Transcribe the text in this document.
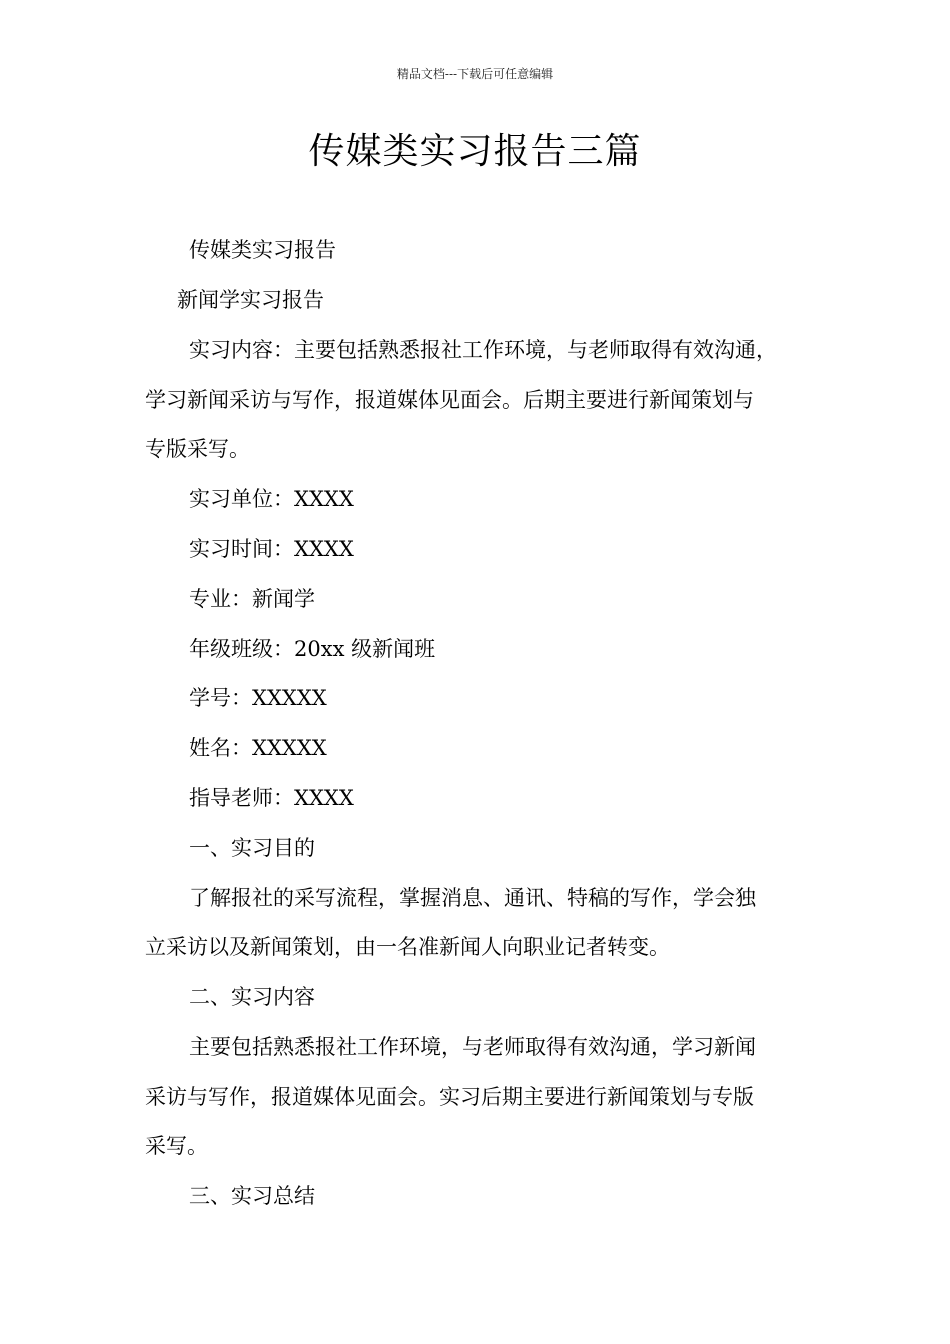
精品文档---下载后可任意编辑
传媒类实习报告三篇
传媒类实习报告
新闻学实习报告
实习内容：主要包括熟悉报社工作环境，与老师取得有效沟通，
学习新闻采访与写作，报道媒体见面会。后期主要进行新闻策划与
专版采写。
实习单位：XXXX
实习时间：XXXX
专业：新闻学
年级班级：20xx 级新闻班
学号：XXXXX
姓名：XXXXX
指导老师：XXXX
一、实习目的
了解报社的采写流程，掌握消息、通讯、特稿的写作，学会独
立采访以及新闻策划，由一名准新闻人向职业记者转变。
二、实习内容
主要包括熟悉报社工作环境，与老师取得有效沟通，学习新闻
采访与写作，报道媒体见面会。实习后期主要进行新闻策划与专版
采写。
三、实习总结
